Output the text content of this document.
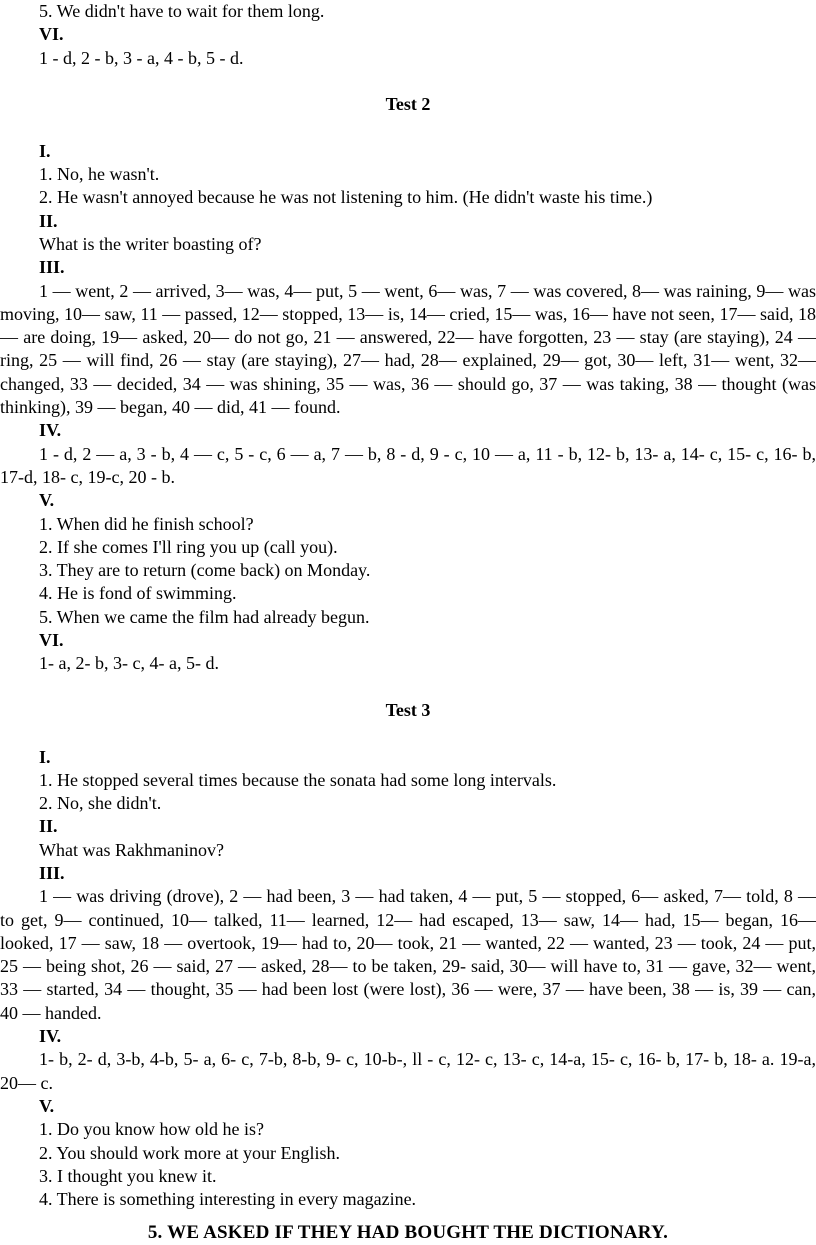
5. We didn't have to wait for them long.

VI.

1 - d, 2 - b, 3 - a, 4 - b, 5 - d.

Test 2

I.

1. No, he wasn't.

2. He wasn't annoyed because he was not listening to him. (He didn't waste his time.)

II.

What is the writer boasting of?

III.

1 — went, 2 — arrived, 3— was, 4— put, 5 — went, 6— was, 7 — was covered, 8— was raining, 9— was moving, 10— saw, 11 — passed, 12— stopped, 13— is, 14— cried, 15— was, 16— have not seen, 17— said, 18— are doing, 19— asked, 20— do not go, 21 — answered, 22— have forgotten, 23 — stay (are staying), 24 — ring, 25 — will find, 26 — stay (are staying), 27— had, 28— explained, 29— got, 30— left, 31— went, 32— changed, 33 — decided, 34 — was shining, 35 — was, 36 — should go, 37 — was taking, 38 — thought (was thinking), 39 — began, 40 — did, 41 — found.

IV.

1 - d, 2 — a, 3 - b, 4 — c, 5 - c, 6 — a, 7 — b, 8 - d, 9 - c, 10 — a, 11 - b, 12- b, 13- a, 14- c, 15- c, 16- b, 17-d, 18- c, 19-c, 20 - b.

V.

1. When did he finish school?

2. If she comes I'll ring you up (call you).

3. They are to return (come back) on Monday.

4. He is fond of swimming.

5. When we came the film had already begun.

VI.

1- a, 2- b, 3- c, 4- a, 5- d.

Test 3

I.

1. He stopped several times because the sonata had some long intervals.

2. No, she didn't.

II.

What was Rakhmaninov?

III.

1 — was driving (drove), 2 — had been, 3 — had taken, 4 — put, 5 — stopped, 6— asked, 7— told, 8 — to get, 9— continued, 10— talked, 11— learned, 12— had escaped, 13— saw, 14— had, 15— began, 16— looked, 17 — saw, 18 — overtook, 19— had to, 20— took, 21 — wanted, 22 — wanted, 23 — took, 24 — put, 25 — being shot, 26 — said, 27 — asked, 28— to be taken, 29- said, 30— will have to, 31 — gave, 32— went, 33 — started, 34 — thought, 35 — had been lost (were lost), 36 — were, 37 — have been, 38 — is, 39 — can, 40 — handed.

IV.

1- b, 2- d, 3-b, 4-b, 5- a, 6- c, 7-b, 8-b, 9- c, 10-b-, ll - c, 12- c, 13- c, 14-a, 15- c, 16- b, 17- b, 18- a. 19-a, 20— c.

V.

1. Do you know how old he is?

2. You should work more at your English.

3. I thought you knew it.

4. There is something interesting in every magazine.

5. WE ASKED IF THEY HAD BOUGHT THE DICTIONARY.
